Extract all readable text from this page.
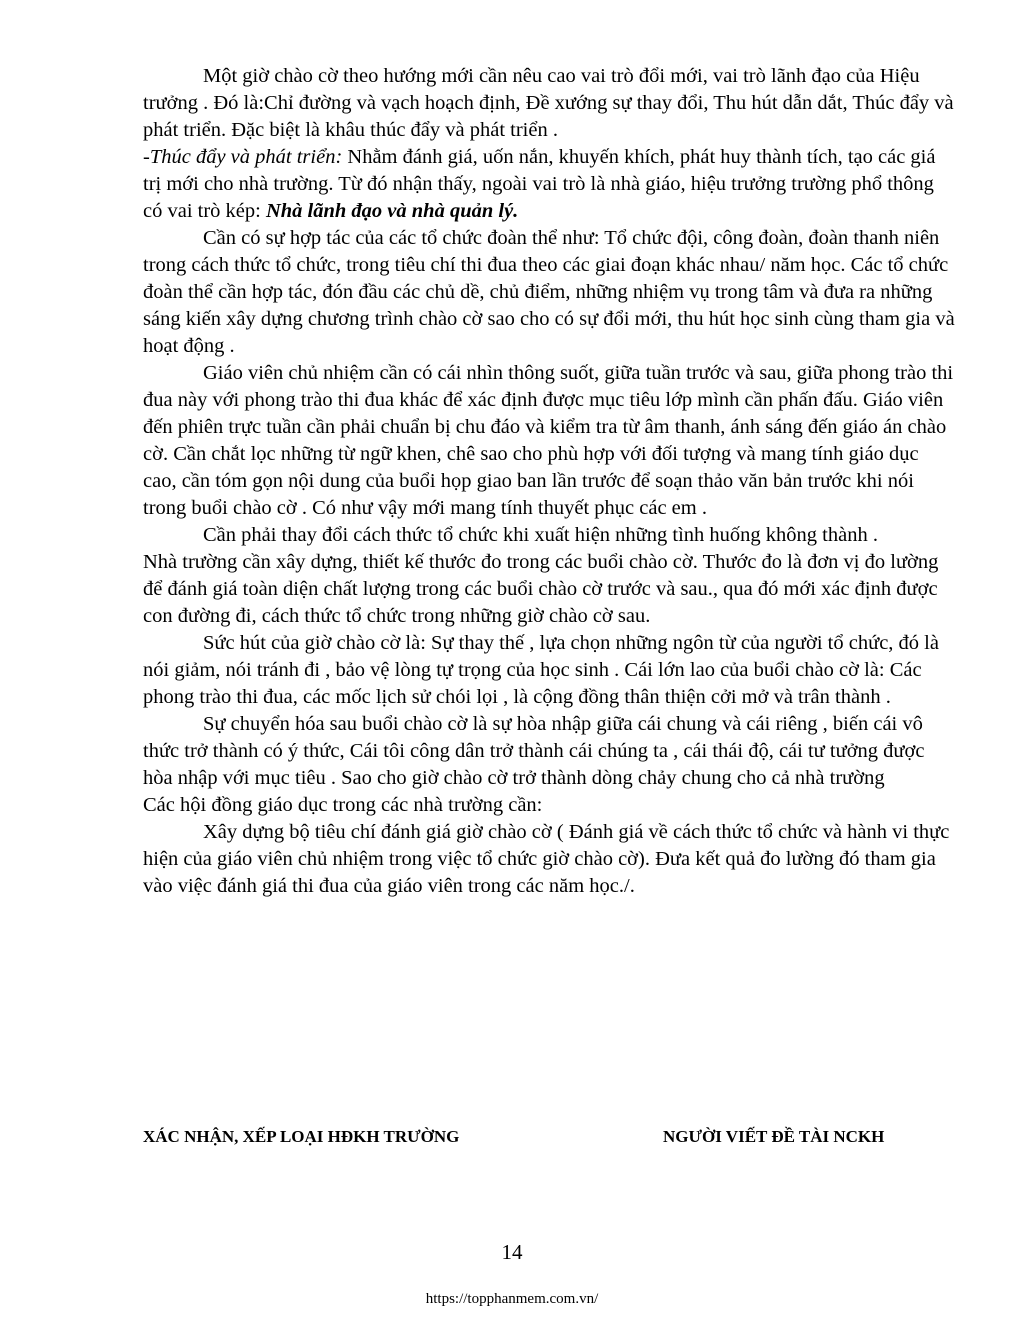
Một giờ chào cờ theo hướng mới cần nêu cao vai trò đổi mới, vai trò lãnh đạo của Hiệu trưởng . Đó là:Chỉ đường và vạch hoạch định, Đề xướng sự thay đổi, Thu hút dẫn dắt, Thúc đẩy và phát triển. Đặc biệt là khâu thúc đẩy và phát triển .

-Thúc đẩy và phát triển: Nhằm đánh giá, uốn nắn, khuyến khích, phát huy thành tích, tạo các giá trị mới cho nhà trường. Từ đó nhận thấy, ngoài vai trò là nhà giáo, hiệu trưởng trường phổ thông có vai trò kép: Nhà lãnh đạo và nhà quản lý.

Cần có sự hợp tác của các tổ chức đoàn thể như: Tổ chức đội, công đoàn, đoàn thanh niên trong cách thức tổ chức, trong tiêu chí thi đua theo các giai đoạn khác nhau/ năm học. Các tổ chức đoàn thể cần hợp tác, đón đầu các chủ dề, chủ điểm, những nhiệm vụ trong tâm và đưa ra những sáng kiến xây dựng chương trình chào cờ sao cho có sự đổi mới, thu hút học sinh cùng tham gia và hoạt động .

Giáo viên chủ nhiệm cần có cái nhìn thông suốt, giữa tuần trước và sau, giữa phong trào thi đua này với phong trào thi đua khác để xác định được mục tiêu lớp mình cần phấn đấu. Giáo viên đến phiên trực tuần cần phải chuẩn bị chu đáo và kiểm tra từ âm thanh, ánh sáng đến giáo án chào cờ. Cần chắt lọc những từ ngữ khen, chê sao cho phù hợp với đối tượng và mang tính giáo dục cao, cần tóm gọn nội dung của buổi họp giao ban lần trước để soạn thảo văn bản trước khi nói trong buổi chào cờ . Có như vậy mới mang tính thuyết phục các em .

Cần phải thay đổi cách thức tổ chức khi xuất hiện những tình huống không thành .

Nhà trường cần xây dựng, thiết kế thước đo trong các buổi chào cờ. Thước đo là đơn vị đo lường để đánh giá toàn diện chất lượng trong các buổi chào cờ trước và sau., qua đó mới xác định được con đường đi, cách thức tổ chức trong những giờ chào cờ sau.

Sức hút của giờ chào cờ là: Sự thay thế , lựa chọn những ngôn từ của người tổ chức, đó là nói giảm, nói tránh đi , bảo vệ lòng tự trọng của học sinh . Cái lớn lao của buổi chào cờ là: Các phong trào thi đua, các mốc lịch sử chói lọi , là cộng đồng thân thiện cởi mở và trân thành .

Sự chuyển hóa sau buổi chào cờ là sự hòa nhập giữa cái chung và cái riêng , biến cái vô thức trở thành có ý thức, Cái tôi công dân trở thành cái chúng ta , cái thái độ, cái tư tưởng được hòa nhập với mục tiêu . Sao cho giờ chào cờ trở thành dòng chảy chung cho cả nhà trường

Các hội đồng giáo dục trong các nhà trường cần:

Xây dựng bộ tiêu chí đánh giá giờ chào cờ ( Đánh giá về cách thức tổ chức và hành vi thực hiện của giáo viên chủ nhiệm trong việc tổ chức giờ chào cờ). Đưa kết quả đo lường đó tham gia vào việc đánh giá thi đua của giáo viên trong các năm học./.

XÁC NHẬN, XẾP LOẠI HĐKH TRƯỜNG	NGƯỜI VIẾT ĐỀ TÀI NCKH
14
https://topphanmem.com.vn/
